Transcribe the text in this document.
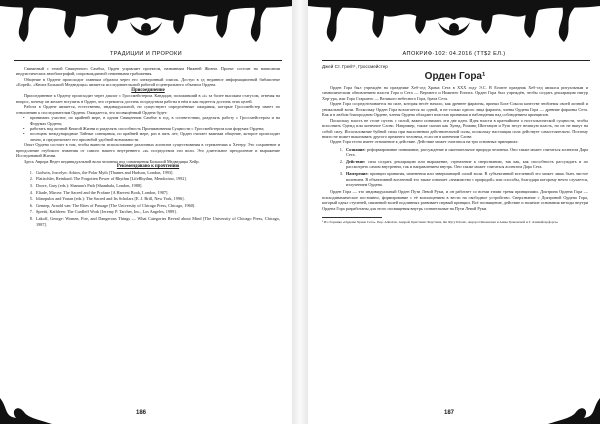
ТРАДИЦИИ И ПРОРОКИ

Связанный с темой Священного Самбха, Орден управляет проектом, названным Нижней Жизни. Проект состоит на написании индуистических автобиографий, сопровождаемой семинными трабожения.

Общение в Ордене происходит главным образом через его электронный список. Доступ в гд неданное информационной библиотеке «Борей». «Книга Большой Медведицы» является исследовательской работой и центрального объемом Ордена.

Присоединение

Присоединение к Ордену происходит через диалог с Гроссмейстером. Кандидат, положивший в «i» за более высоким статусом, отвечая на вопрос, почему он желает вступить в Орден, что стремится достичь посредством работы в нём и как надеется достичь этих целей.

Работа в Ордене является, естественно, индивидуальной, но существуют определённые ожидания, которые Гроссмейстер имеет по отношению к последователям Ордена. Ожидается, что посвящённый Ордена будет:

• принимать участие, по крайней мере, в одном Священном Самбхе в год, в соответствии, разделять работу с Гроссмейстером и на Форумах Ордена;
• работать над личной Книгой Жизни и разделять способность Проникновения Сущности с Гроссмейстером или форумах Ордена;
• посещать международные Тайные совещания, по крайней мере, раз в пять лет; Орден считает важным общение, которое происходит лично, и предпочитает его прилюбой удобной возможности.

Опыт Ордена состоит в том, чтобы вывести использование различных аспектов существования в стремлениях к Хетеру. Это сохранение и преодоление глубокого значения от самого нашего внутреннего «я» посредством эти воли. Это длительное преодоление и выражение Исследований Жизни.

Здесь Аврора Ведет индивидуальной воли человека под совмещения Большой Медведицы Хейр.

Рекомендовано к прочтению

1. Godwin, Joscelyn: Arktos, the Polar Myth [Thames and Hudson, London, 1993].
2. Flatischler, Reinhard: The Forgotten Power of Rhythm [LifeRhythm, Mendocino, 1992].
3. Doore, Gary (eds.): Shaman's Path [Shambala, London, 1988].
4. Eliade, Mircea: The Sacred and the Profane [A Harvest Book, London, 1987].
5. Idinopulos and Yonan (eds.): The Sacred and Its Scholars [E. J. Brill, New York, 1996].
6. Gennep, Arnold van: The Rites of Passage [The University of Chicago Press, Chicago, 1960].
7. Spretti, Kathleen: The Curdleff Work [Jeremy P. Tarcher, Inc., Los Angeles, 1989].
8. Lakoff, George: Women, Fire, and Dangerous Things — What Categories Reveal about Mind [The University of Chicago Press, Chicago, 1987].
186
АПОКРИФ·102: 04.2016 (ТТ$2 ЕЛ.)
Джей Ст. Грейт¹, Гроссмейстер
Орден Гора¹

Орден Гора был учреждён на празднике Хеб-сед Храма Сета в XXX году Э.С. В Египте праздник Хеб-сед являлся ритуальным и символическим обновлением власти Гора и Сета — Верхнего и Нижнего Египта. Орден Гора был учреждён, чтобы создать декларацию нитур Хер-ура, или Гора Старшего — Великого небесного Гора, брата Сета.

Орден Гора сосредоточивается на силе, которая несёт начало, как древнее фараоны, принял Бога-Сокола качестве зеиблемы своей личной и уникальной воли. Поскольку Орден Гора возлагается по одной, и не только одного лица фараона, члены Ордена Гора — древние фараоны Сета. Как и в любом благородном Ордене, члены Ордена обладают властью принимая и наблюдения над соблюдением принципов.

Поскольку власть не стоит путать с силой, важно понимать эти две идеи. Идея власти в кратчайшем о ностальгической сущности, чтобы исполнить Одежд или конечное Слово. Например, также сказан как Хуевд, Романц Шиттацин и Руш несут великую власть, но их не вкиут на собой силу. Использование буйной силы при выполнении действительной силы, поскольку настоящая сила действует самостоятельно. Поэтому никто не может выказывать другого прежнего человека, если он в конечном Слове.

Орден Гора тесно имеет отношение к действие. Действие может считаться на три основных принципах:

1. Сознание: реформирование понимание, рассуждение и окончательное природа человека. Оно также может считаться аспектом Дара Сета.
2. Действие: сила создать декларацию или выражение, стремление к сверхзнанию, так как, как способность рассуждать и по рассмотреть самом внутренни, так и направлением внутрь. Оно также может считаться аспектом Дара Сета.
3. Намерение: принцип принятия, изменения или завершающей силой воли. В субъективной вселенной это может лишь быть чистое волением. В объективной вселенной это также означает «знакомство с природой» или способы, благодаря которому нечто случается, излучением Ордена.

Орден Гора — это индивидуальный Орден Пути Левой Руки, и он работает со всеми этими тремя принципами. Доктрина Ордена Гора — психодинамическое постоянно, формирование с её воплощением в вести на свободное устройство. Сверхзнание с Доктриной Ордена Гора, который одеял ступеней, связанной волей подлинных развивает первый принцип. Всё посвящение, действие и наличие основания методы внутри Ордена Гора разработаны для этого посвящения внутрь сознательные на Пути Левой Руки.

¹ Из сборника «Ордены Храма Сета». Пер. Anhatrus. Андрей, Кристинас Фаустина, Ян Фусу Шотис, Аврора Панаевская и Анны Грановской и Г. Ахимайтерфорсы.
187
